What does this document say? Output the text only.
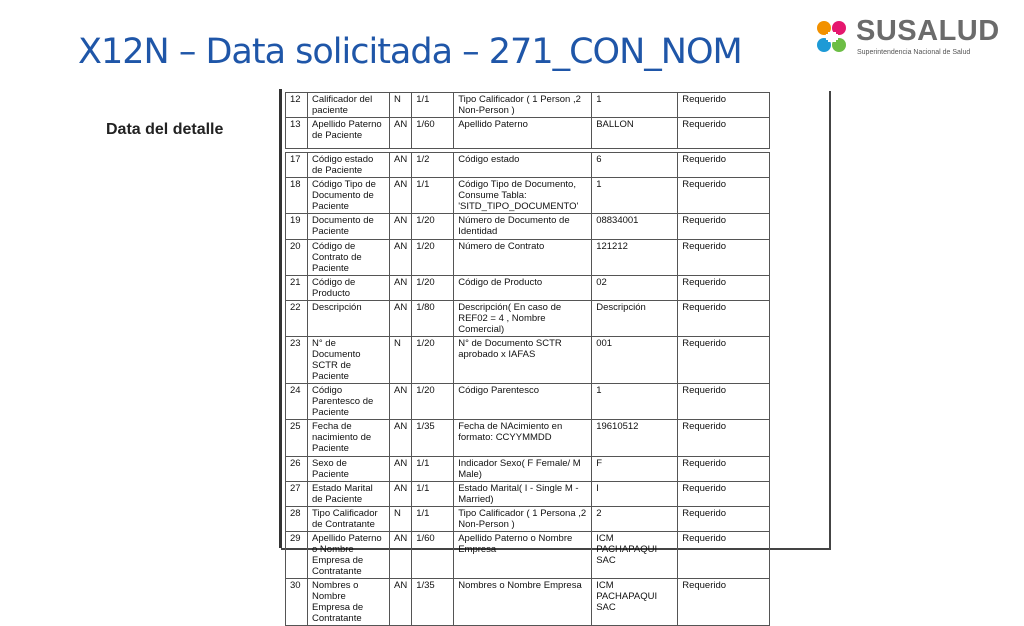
X12N – Data solicitada – 271_CON_NOM
SUSALUD
Superintendencia Nacional de Salud
Data del detalle
12	Calificador del paciente	N	1/1	Tipo Calificador ( 1 Person ,2 Non-Person )	1	Requerido
13	Apellido Paterno de Paciente	AN	1/60	Apellido Paterno	BALLON	Requerido

17	Código estado de Paciente	AN	1/2	Código estado	6	Requerido
18	Código Tipo de Documento de Paciente	AN	1/1	Código Tipo de Documento, Consume Tabla: 'SITD_TIPO_DOCUMENTO'	1	Requerido
19	Documento de Paciente	AN	1/20	Número de Documento de Identidad	08834001	Requerido
20	Código de Contrato de Paciente	AN	1/20	Número de Contrato	121212	Requerido
21	Código de Producto	AN	1/20	Código de Producto	02	Requerido
22	Descripción	AN	1/80	Descripción( En caso de REF02 = 4 , Nombre Comercial)	Descripción	Requerido
23	N° de Documento SCTR de Paciente	N	1/20	N° de Documento SCTR aprobado x IAFAS	001	Requerido
24	Código Parentesco de Paciente	AN	1/20	Código Parentesco	1	Requerido
25	Fecha de nacimiento de Paciente	AN	1/35	Fecha de NAcimiento en formato: CCYYMMDD	19610512	Requerido
26	Sexo de Paciente	AN	1/1	Indicador Sexo( F Female/ M Male)	F	Requerido
27	Estado Marital de Paciente	AN	1/1	Estado Marital( I - Single M - Married)	I	Requerido
28	Tipo Calificador de Contratante	N	1/1	Tipo Calificador ( 1 Persona ,2 Non-Person )	2	Requerido
29	Apellido Paterno o Nombre Empresa de Contratante	AN	1/60	Apellido Paterno o Nombre Empresa	ICM PACHAPAQUI SAC	Requerido
30	Nombres o Nombre Empresa de Contratante	AN	1/35	Nombres o Nombre Empresa	ICM PACHAPAQUI SAC	Requerido
